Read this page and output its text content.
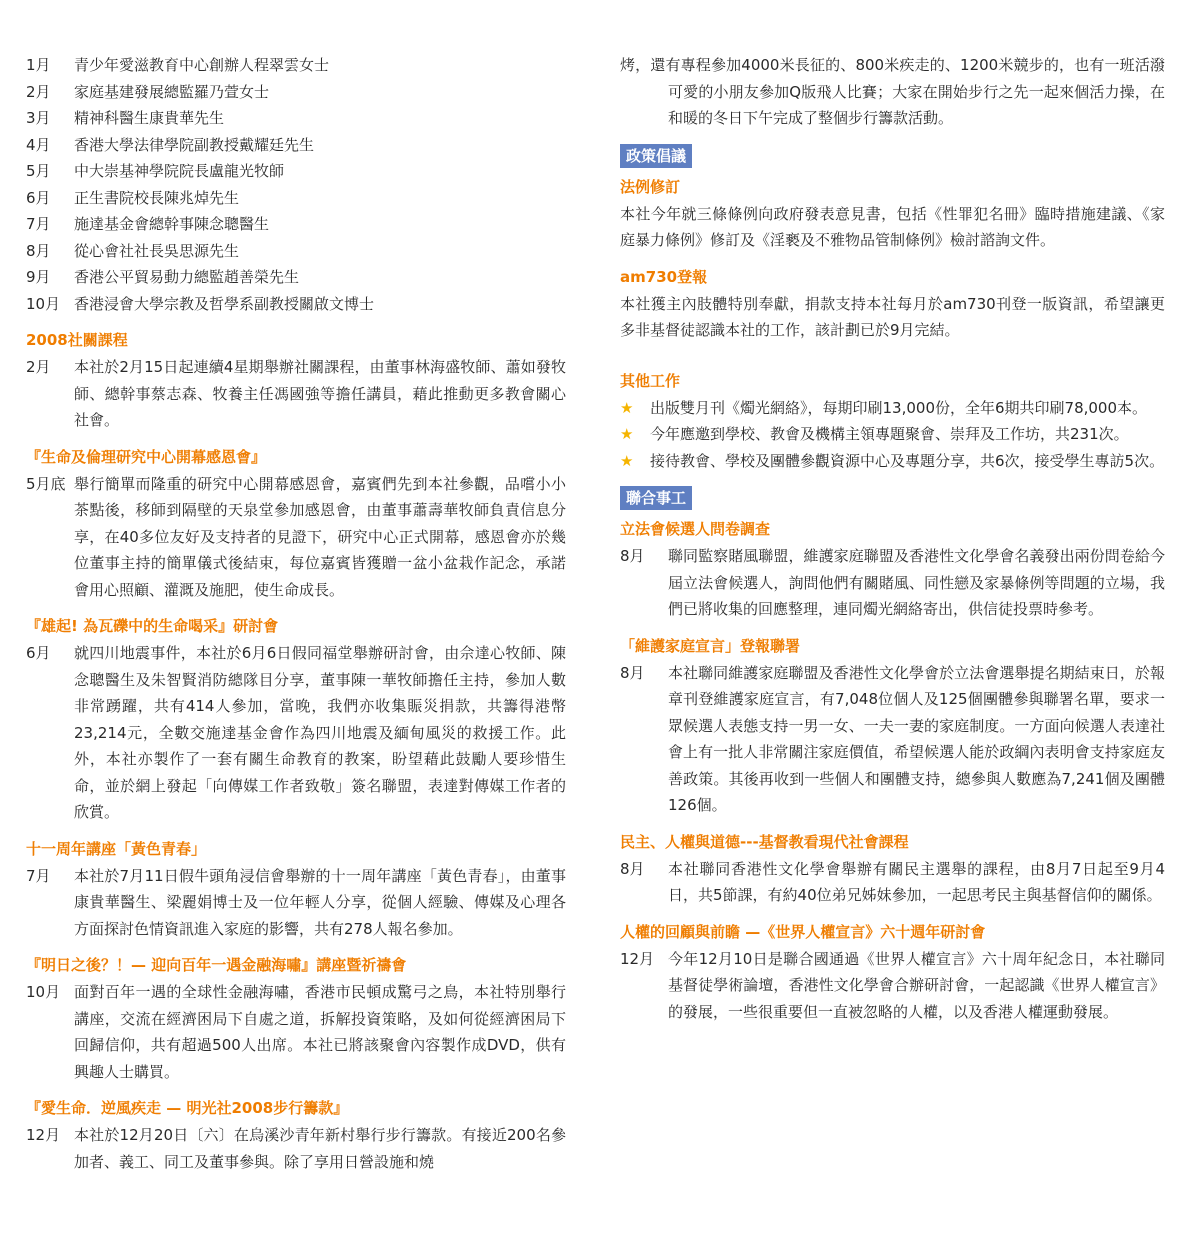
1月	青少年愛滋教育中心創辦人程翠雲女士
2月	家庭基建發展總監羅乃萱女士
3月	精神科醫生康貴華先生
4月	香港大學法律學院副教授戴耀廷先生
5月	中大崇基神學院院長盧龍光牧師
6月	正生書院校長陳兆焯先生
7月	施達基金會總幹事陳念聰醫生
8月	從心會社社長吳思源先生
9月	香港公平貿易動力總監趙善榮先生
10月 香港浸會大學宗教及哲學系副教授關啟文博士
2008社關課程
2月	本社於2月15日起連續4星期舉辦社關課程，由董事林海盛牧師、蕭如發牧師、總幹事蔡志森、牧養主任馮國強等擔任講員，藉此推動更多教會關心社會。
『生命及倫理研究中心開幕感恩會』
5月底 舉行簡單而隆重的研究中心開幕感恩會，嘉賓們先到本社參觀，品嚐小小茶點後，移師到隔壁的天泉堂參加感恩會，由董事蕭壽華牧師負責信息分享，在40多位友好及支持者的見證下，研究中心正式開幕，感恩會亦於幾位董事主持的簡單儀式後結束，每位嘉賓皆獲贈一盆小盆栽作記念，承諾會用心照顧、灌溉及施肥，使生命成長。
『雄起! 為瓦礫中的生命喝采』研討會
6月	就四川地震事件，本社於6月6日假同福堂舉辦研討會，由佘達心牧師、陳念聰醫生及朱智賢消防總隊目分享，董事陳一華牧師擔任主持，參加人數非常踴躍，共有414人參加，當晚，我們亦收集賑災捐款，共籌得港幣23,214元，全數交施達基金會作為四川地震及緬甸風災的救援工作。此外，本社亦製作了一套有關生命教育的教案，盼望藉此鼓勵人要珍惜生命，並於網上發起「向傳媒工作者致敬」簽名聯盟，表達對傳媒工作者的欣賞。
十一周年講座「黃色青春」
7月	本社於7月11日假牛頭角浸信會舉辦的十一周年講座「黃色青春」，由董事康貴華醫生、梁麗娟博士及一位年輕人分享，從個人經驗、傳媒及心理各方面探討色情資訊進入家庭的影響，共有278人報名參加。
『明日之後？！— 迎向百年一遇金融海嘯』講座暨祈禱會
10月 面對百年一遇的全球性金融海嘯，香港市民頓成驚弓之鳥，本社特別舉行講座，交流在經濟困局下自處之道，拆解投資策略，及如何從經濟困局下回歸信仰，共有超過500人出席。本社已將該聚會內容製作成DVD，供有興趣人士購買。
『愛生命．逆風疾走 — 明光社2008步行籌款』
12月 本社於12月20日〔六〕在烏溪沙青年新村舉行步行籌款。有接近200名參加者、義工、同工及董事參與。除了享用日營設施和燒
烤，還有專程參加4000米長征的、800米疾走的、1200米競步的，也有一班活潑可愛的小朋友參加Q版飛人比賽；大家在開始步行之先一起來個活力操，在和暖的冬日下午完成了整個步行籌款活動。
政策倡議
法例修訂
本社今年就三條條例向政府發表意見書，包括《性罪犯名冊》臨時措施建議、《家庭暴力條例》修訂及《淫褻及不雅物品管制條例》檢討諮詢文件。
am730登報
本社獲主內肢體特別奉獻，捐款支持本社每月於am730刊登一版資訊，希望讓更多非基督徒認識本社的工作，該計劃已於9月完結。
其他工作
★	出版雙月刊《燭光網絡》，每期印刷13,000份，全年6期共印刷78,000本。
★	今年應邀到學校、教會及機構主領專題聚會、崇拜及工作坊，共231次。
★	接待教會、學校及團體參觀資源中心及專題分享，共6次，接受學生專訪5次。
聯合事工
立法會候選人問卷調查
8月	聯同監察賭風聯盟，維護家庭聯盟及香港性文化學會名義發出兩份問卷給今屆立法會候選人，詢問他們有關賭風、同性戀及家暴條例等問題的立場，我們已將收集的回應整理，連同燭光網絡寄出，供信徒投票時參考。
「維護家庭宣言」登報聯署
8月	本社聯同維護家庭聯盟及香港性文化學會於立法會選舉提名期結束日，於報章刊登維護家庭宣言，有7,048位個人及125個團體參與聯署名單，要求一眾候選人表態支持一男一女、一夫一妻的家庭制度。一方面向候選人表達社會上有一批人非常關注家庭價值，希望候選人能於政綱內表明會支持家庭友善政策。其後再收到一些個人和團體支持，總參與人數應為7,241個及團體126個。
民主、人權與道德---基督教看現代社會課程
8月	本社聯同香港性文化學會舉辦有關民主選舉的課程，由8月7日起至9月4日，共5節課，有約40位弟兄姊妹參加，一起思考民主與基督信仰的關係。
人權的回顧與前瞻 —《世界人權宣言》六十週年研討會
12月 今年12月10日是聯合國通過《世界人權宣言》六十周年紀念日，本社聯同基督徒學術論壇，香港性文化學會合辦研討會，一起認識《世界人權宣言》的發展，一些很重要但一直被忽略的人權，以及香港人權運動發展。
